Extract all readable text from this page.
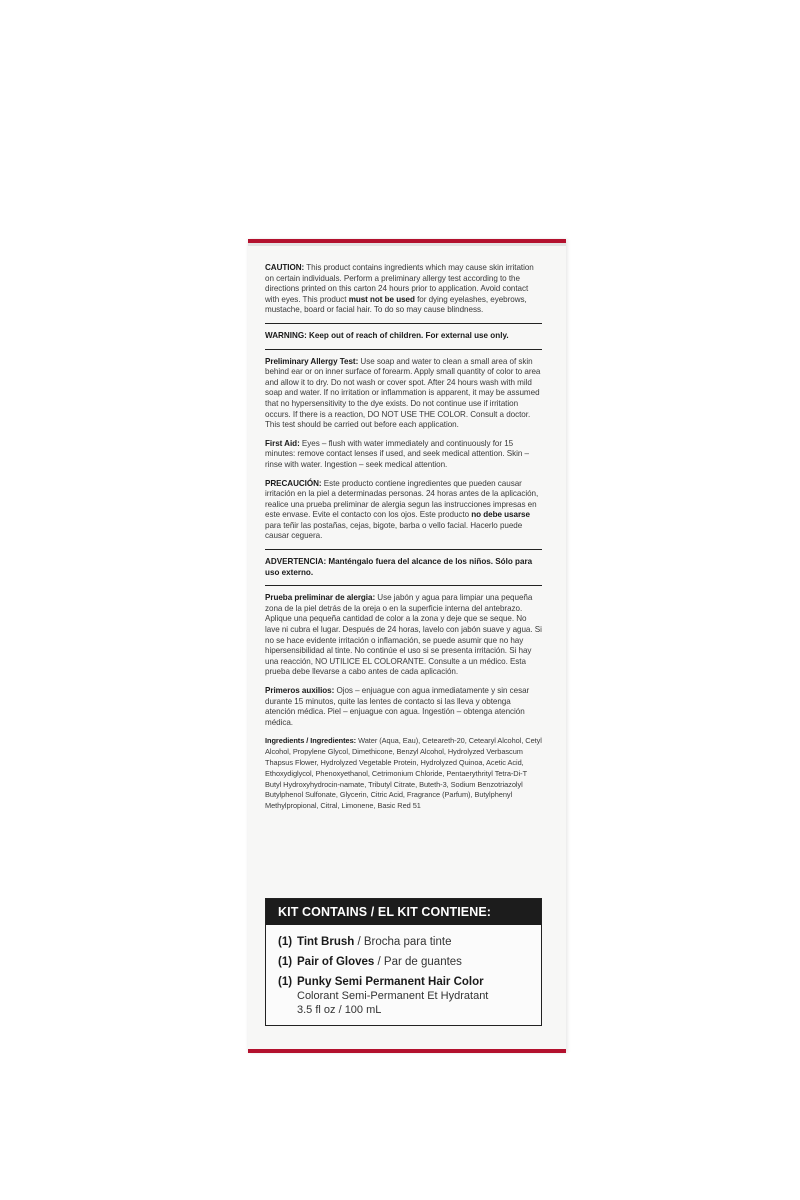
CAUTION: This product contains ingredients which may cause skin irritation on certain individuals. Perform a preliminary allergy test according to the directions printed on this carton 24 hours prior to application. Avoid contact with eyes. This product must not be used for dying eyelashes, eyebrows, mustache, board or facial hair. To do so may cause blindness.

WARNING: Keep out of reach of children. For external use only.

Preliminary Allergy Test: Use soap and water to clean a small area of skin behind ear or on inner surface of forearm. Apply small quantity of color to area and allow it to dry. Do not wash or cover spot. After 24 hours wash with mild soap and water. If no irritation or inflammation is apparent, it may be assumed that no hypersensitivity to the dye exists. Do not continue use if irritation occurs. If there is a reaction, DO NOT USE THE COLOR. Consult a doctor. This test should be carried out before each application.

First Aid: Eyes – flush with water immediately and continuously for 15 minutes: remove contact lenses if used, and seek medical attention. Skin – rinse with water. Ingestion – seek medical attention.

PRECAUCIÓN: Este producto contiene ingredientes que pueden causar irritación en la piel a determinadas personas. 24 horas antes de la aplicación, realice una prueba preliminar de alergia segun las instrucciones impresas en este envase. Evite el contacto con los ojos. Este producto no debe usarse para teñir las postañas, cejas, bigote, barba o vello facial. Hacerlo puede causar ceguera.

ADVERTENCIA: Manténgalo fuera del alcance de los niños. Sólo para uso externo.

Prueba preliminar de alergia: Use jabón y agua para limpiar una pequeña zona de la piel detrás de la oreja o en la superficie interna del antebrazo. Aplique una pequeña cantidad de color a la zona y deje que se seque. No lave ni cubra el lugar. Después de 24 horas, lavelo con jabón suave y agua. Si no se hace evidente irritación o inflamación, se puede asumir que no hay hipersensibilidad al tinte. No continúe el uso si se presenta irritación. Si hay una reacción, NO UTILICE EL COLORANTE. Consulte a un médico. Esta prueba debe llevarse a cabo antes de cada aplicación.

Primeros auxilios: Ojos – enjuague con agua inmediatamente y sin cesar durante 15 minutos, quite las lentes de contacto si las lleva y obtenga atención médica. Piel – enjuague con agua. Ingestión – obtenga atención médica.

Ingredients / Ingredientes: Water (Aqua, Eau), Ceteareth-20, Cetearyl Alcohol, Cetyl Alcohol, Propylene Glycol, Dimethicone, Benzyl Alcohol, Hydrolyzed Verbascum Thapsus Flower, Hydrolyzed Vegetable Protein, Hydrolyzed Quinoa, Acetic Acid, Ethoxydiglycol, Phenoxyethanol, Cetrimonium Chloride, Pentaerythrityl Tetra-Di-T Butyl Hydroxyhydrocin-namate, Tributyl Citrate, Buteth-3, Sodium Benzotriazolyl Butylphenol Sulfonate, Glycerin, Citric Acid, Fragrance (Parfum), Butylphenyl Methylpropional, Citral, Limonene, Basic Red 51

KIT CONTAINS / EL KIT CONTIENE:
(1) Tint Brush / Brocha para tinte
(1) Pair of Gloves / Par de guantes
(1) Punky Semi Permanent Hair Color
Colorant Semi-Permanent Et Hydratant
3.5 fl oz / 100 mL
